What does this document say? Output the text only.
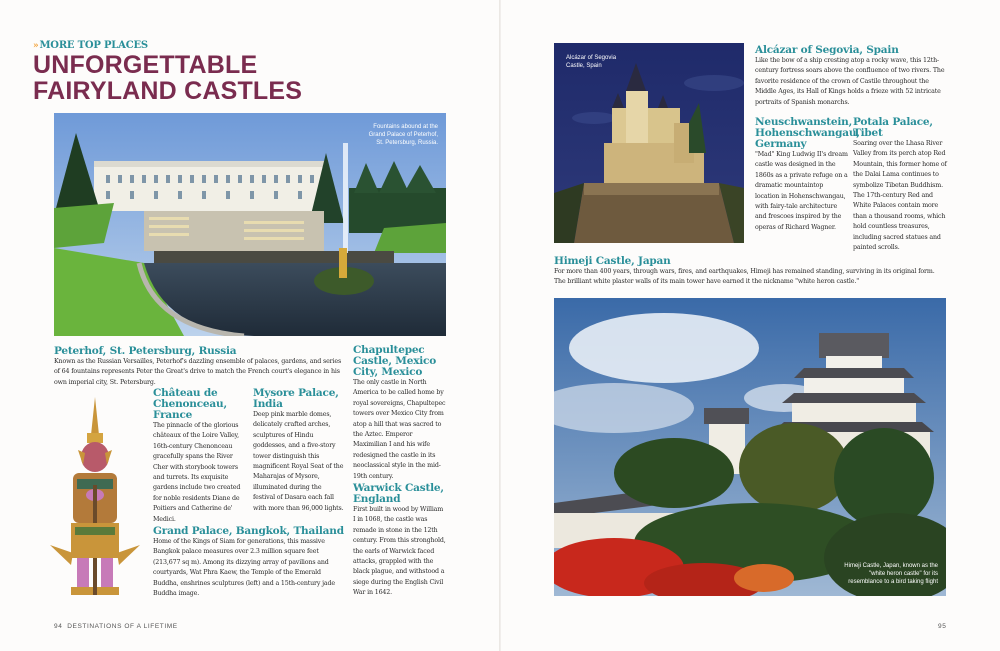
»MORE TOP PLACES
UNFORGETTABLE
FAIRYLAND CASTLES
Fountains abound at the Grand Palace of Peterhof, St. Petersburg, Russia.
Peterhof, St. Petersburg, Russia
Known as the Russian Versailles, Peterhof's dazzling ensemble of palaces, gardens, and series of 64 fountains represents Peter the Great's drive to match the French court's elegance in his own imperial city, St. Petersburg.
Château de Chenonceau, France
The pinnacle of the glorious châteaux of the Loire Valley, 16th-century Chenonceau gracefully spans the River Cher with storybook towers and turrets. Its exquisite gardens include two created for noble residents Diane de Poitiers and Catherine de' Medici.
Mysore Palace, India
Deep pink marble domes, delicately crafted arches, sculptures of Hindu goddesses, and a five-story tower distinguish this magnificent Royal Seat of the Maharajas of Mysore, illuminated during the festival of Dasara each fall with more than 96,000 lights.
Grand Palace, Bangkok, Thailand
Home of the Kings of Siam for generations, this massive Bangkok palace measures over 2.3 million square feet (213,677 sq m). Among its dizzying array of pavilions and courtyards, Wat Phra Kaew, the Temple of the Emerald Buddha, enshrines sculptures (left) and a 15th-century jade Buddha image.
Chapultepec Castle, Mexico City, Mexico
The only castle in North America to be called home by royal sovereigns, Chapultepec towers over Mexico City from atop a hill that was sacred to the Aztec. Emperor Maximilian I and his wife redesigned the castle in its neoclassical style in the mid-19th century.
Warwick Castle, England
First built in wood by William I in 1068, the castle was remade in stone in the 12th century. From this stronghold, the earls of Warwick faced attacks, grappled with the black plague, and withstood a siege during the English Civil War in 1642.
94 DESTINATIONS OF A LIFETIME
Alcázar of Segovia Castle, Spain
Alcázar of Segovia, Spain
Like the bow of a ship cresting atop a rocky wave, this 12th-century fortress soars above the confluence of two rivers. The favorite residence of the crown of Castile throughout the Middle Ages, its Hall of Kings holds a frieze with 52 intricate portraits of Spanish monarchs.
Neuschwanstein, Hohenschwangau, Germany
"Mad" King Ludwig II's dream castle was designed in the 1860s as a private refuge on a dramatic mountaintop location in Hohenschwangau, with fairy-tale architecture and frescoes inspired by the operas of Richard Wagner.
Potala Palace, Tibet
Soaring over the Lhasa River Valley from its perch atop Red Mountain, this former home of the Dalai Lama continues to symbolize Tibetan Buddhism. The 17th-century Red and White Palaces contain more than a thousand rooms, which hold countless treasures, including sacred statues and painted scrolls.
Himeji Castle, Japan
For more than 400 years, through wars, fires, and earthquakes, Himeji has remained standing, surviving in its original form. The brilliant white plaster walls of its main tower have earned it the nickname "white heron castle."
Himeji Castle, Japan, known as the "white heron castle" for its resemblance to a bird taking flight
95
